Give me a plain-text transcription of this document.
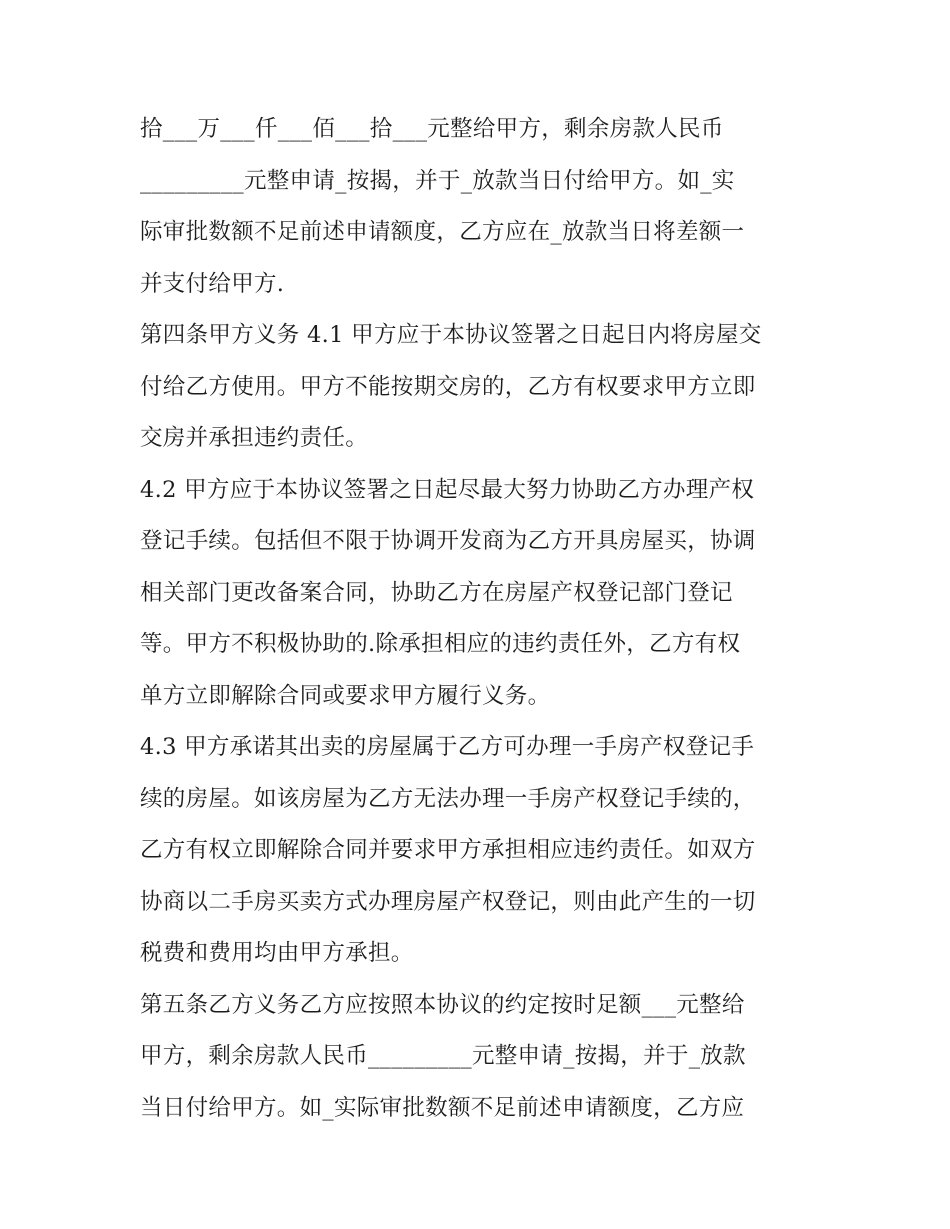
拾___万___仟___佰___拾___元整给甲方，剩余房款人民币
_________元整申请_按揭，并于_放款当日付给甲方。如_实
际审批数额不足前述申请额度，乙方应在_放款当日将差额一
并支付给甲方.
第四条甲方义务 4.1 甲方应于本协议签署之日起日内将房屋交
付给乙方使用。甲方不能按期交房的，乙方有权要求甲方立即
交房并承担违约责任。
4.2 甲方应于本协议签署之日起尽最大努力协助乙方办理产权
登记手续。包括但不限于协调开发商为乙方开具房屋买，协调
相关部门更改备案合同，协助乙方在房屋产权登记部门登记
等。甲方不积极协助的.除承担相应的违约责任外，乙方有权
单方立即解除合同或要求甲方履行义务。
4.3 甲方承诺其出卖的房屋属于乙方可办理一手房产权登记手
续的房屋。如该房屋为乙方无法办理一手房产权登记手续的，
乙方有权立即解除合同并要求甲方承担相应违约责任。如双方
协商以二手房买卖方式办理房屋产权登记，则由此产生的一切
税费和费用均由甲方承担。
第五条乙方义务乙方应按照本协议的约定按时足额___元整给
甲方，剩余房款人民币_________元整申请_按揭，并于_放款
当日付给甲方。如_实际审批数额不足前述申请额度，乙方应
